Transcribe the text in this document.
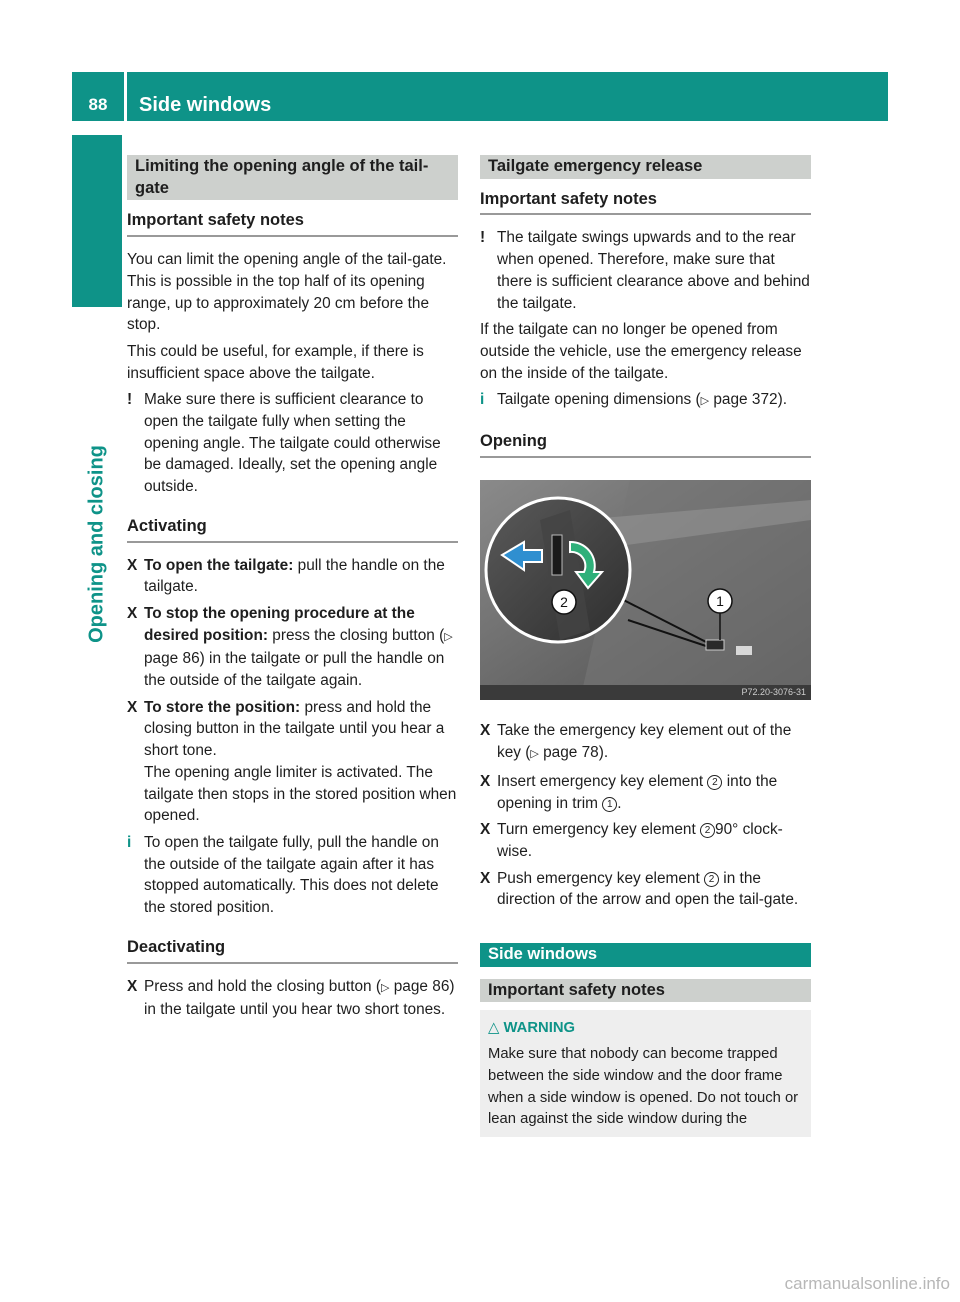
88	Side windows
Opening and closing
Limiting the opening angle of the tail-gate
Important safety notes

You can limit the opening angle of the tail-gate. This is possible in the top half of its opening range, up to approximately 20 cm before the stop.

This could be useful, for example, if there is insufficient space above the tailgate.

! Make sure there is sufficient clearance to open the tailgate fully when setting the opening angle. The tailgate could otherwise be damaged. Ideally, set the opening angle outside.
Activating
X To open the tailgate: pull the handle on the tailgate.
X To stop the opening procedure at the desired position: press the closing button (▷ page 86) in the tailgate or pull the handle on the outside of the tailgate again.
X To store the position: press and hold the closing button in the tailgate until you hear a short tone.
The opening angle limiter is activated. The tailgate then stops in the stored position when opened.
i To open the tailgate fully, pull the handle on the outside of the tailgate again after it has stopped automatically. This does not delete the stored position.
Deactivating
X Press and hold the closing button (▷ page 86) in the tailgate until you hear two short tones.
Tailgate emergency release
Important safety notes
! The tailgate swings upwards and to the rear when opened. Therefore, make sure that there is sufficient clearance above and behind the tailgate.

If the tailgate can no longer be opened from outside the vehicle, use the emergency release on the inside of the tailgate.

i Tailgate opening dimensions (▷ page 372).
Opening
1
2
P72.20-3076-31
X Take the emergency key element out of the key (▷ page 78).
X Insert emergency key element 2 into the opening in trim 1 .
X Turn emergency key element 2 90° clock-wise.
X Push emergency key element 2 in the direction of the arrow and open the tail-gate.
Side windows
Important safety notes
△ WARNING
Make sure that nobody can become trapped between the side window and the door frame when a side window is opened. Do not touch or lean against the side window during the
carmanualsonline.info
